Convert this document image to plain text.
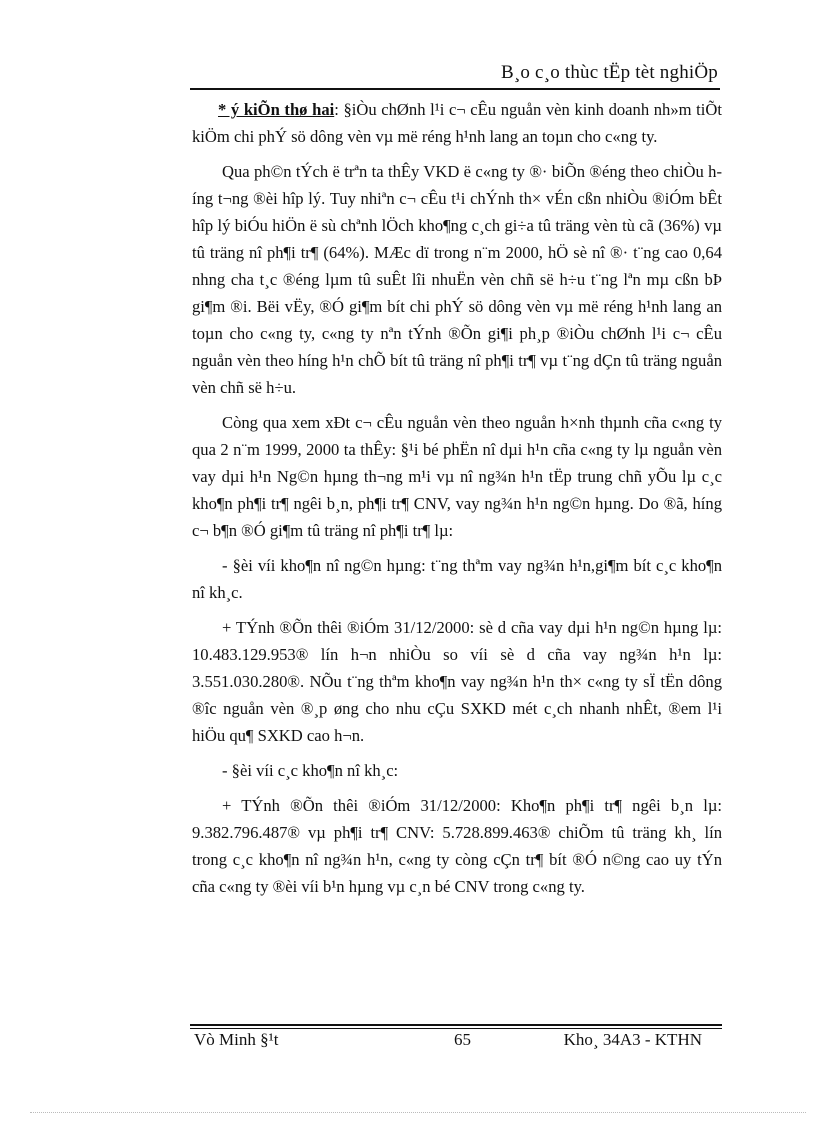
B¸o c¸o thùc tËp tèt nghiÖp

* ý kiÕn thø hai: §iÒu chØnh l¹i c¬ cÊu nguån vèn kinh doanh nh»m tiÕt kiÖm chi phÝ sö dông vèn vµ më réng h¹nh lang an toµn cho c«ng ty.

Qua ph©n tÝch ë trªn ta thÊy VKD ë c«ng ty ®· biÕn ®éng theo chiÒu híng t¬ng ®èi hîp lý. Tuy nhiªn c¬ cÊu t¹i chÝnh th× vÉn cßn nhiÒu ®iÓm bÊt hîp lý biÓu hiÖn ë sù chªnh lÖch kho¶ng c¸ch gi÷a tû träng vèn tù cã (36%) vµ tû träng nî ph¶i tr¶ (64%). MÆc dï trong n¨m 2000, hÖ sè nî ®· t¨ng cao 0,64 nhng cha t¸c ®éng lµm tû suÊt lîi nhuËn vèn chñ së h÷u t¨ng lªn mµ cßn bÞ gi¶m ®i. Bëi vËy, ®Ó gi¶m bít chi phÝ sö dông vèn vµ më réng h¹nh lang an toµn cho c«ng ty, c«ng ty nªn tÝnh ®Õn gi¶i ph¸p ®iÒu chØnh l¹i c¬ cÊu nguån vèn theo híng h¹n chÕ bít tû träng nî ph¶i tr¶ vµ t¨ng dÇn tû träng nguån vèn chñ së h÷u.

Còng qua xem xÐt c¬ cÊu nguån vèn theo nguån h×nh thµnh cña c«ng ty qua 2 n¨m 1999, 2000 ta thÊy: §¹i bé phËn nî dµi h¹n cña c«ng ty lµ nguån vèn vay dµi h¹n Ng©n hµng th¬ng m¹i vµ nî ng¾n h¹n tËp trung chñ yÕu lµ c¸c kho¶n ph¶i tr¶ ngêi b¸n, ph¶i tr¶ CNV, vay ng¾n h¹n ng©n hµng. Do ®ã, híng c¬ b¶n ®Ó gi¶m tû träng nî ph¶i tr¶ lµ:

- §èi víi kho¶n nî ng©n hµng: t¨ng thªm vay ng¾n h¹n,gi¶m bít c¸c kho¶n nî kh¸c.

+ TÝnh ®Õn thêi ®iÓm 31/12/2000: sè d cña vay dµi h¹n ng©n hµng lµ: 10.483.129.953® lín h¬n nhiÒu so víi sè d cña vay ng¾n h¹n lµ: 3.551.030.280®. NÕu t¨ng thªm kho¶n vay ng¾n h¹n th× c«ng ty sÏ tËn dông ®îc nguån vèn ®¸p øng cho nhu cÇu SXKD mét c¸ch nhanh nhÊt, ®em l¹i hiÖu qu¶ SXKD cao h¬n.

- §èi víi c¸c kho¶n nî kh¸c:

+ TÝnh ®Õn thêi ®iÓm 31/12/2000: Kho¶n ph¶i tr¶ ngêi b¸n lµ: 9.382.796.487® vµ ph¶i tr¶ CNV: 5.728.899.463® chiÕm tû träng kh¸ lín trong c¸c kho¶n nî ng¾n h¹n, c«ng ty còng cÇn tr¶ bít ®Ó n©ng cao uy tÝn cña c«ng ty ®èi víi b¹n hµng vµ c¸n bé CNV trong c«ng ty.

Vò Minh §¹t	65	Kho¸ 34A3 - KTHN
